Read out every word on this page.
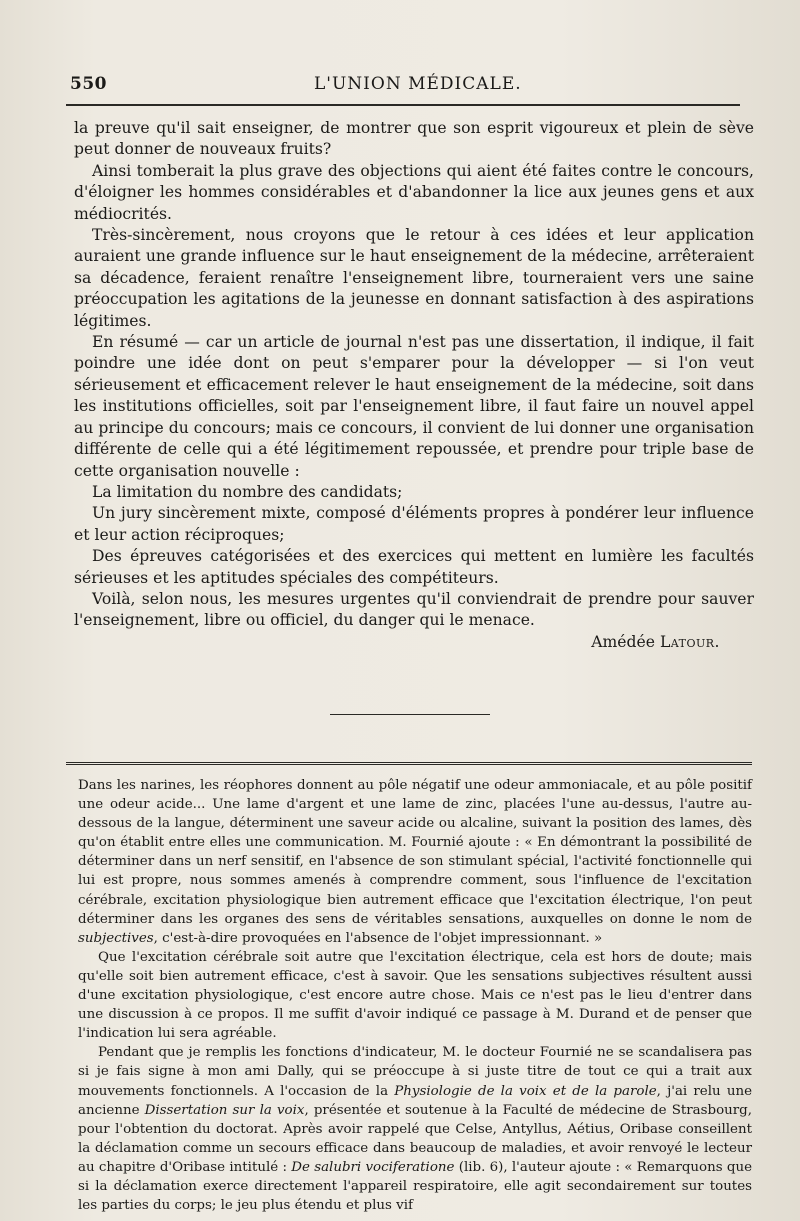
550	L'UNION MÉDICALE.

la preuve qu'il sait enseigner, de montrer que son esprit vigoureux et plein de sève peut donner de nouveaux fruits?

Ainsi tomberait la plus grave des objections qui aient été faites contre le concours, d'éloigner les hommes considérables et d'abandonner la lice aux jeunes gens et aux médiocrités.

Très-sincèrement, nous croyons que le retour à ces idées et leur application auraient une grande influence sur le haut enseignement de la médecine, arrêteraient sa décadence, feraient renaître l'enseignement libre, tourneraient vers une saine préoccupation les agitations de la jeunesse en donnant satisfaction à des aspirations légitimes.

En résumé — car un article de journal n'est pas une dissertation, il indique, il fait poindre une idée dont on peut s'emparer pour la développer — si l'on veut sérieusement et efficacement relever le haut enseignement de la médecine, soit dans les institutions officielles, soit par l'enseignement libre, il faut faire un nouvel appel au principe du concours; mais ce concours, il convient de lui donner une organisation différente de celle qui a été légitimement repoussée, et prendre pour triple base de cette organisation nouvelle :

La limitation du nombre des candidats;

Un jury sincèrement mixte, composé d'éléments propres à pondérer leur influence et leur action réciproques;

Des épreuves catégorisées et des exercices qui mettent en lumière les facultés sérieuses et les aptitudes spéciales des compétiteurs.

Voilà, selon nous, les mesures urgentes qu'il conviendrait de prendre pour sauver l'enseignement, libre ou officiel, du danger qui le menace.

Amédée Latour.

Dans les narines, les réophores donnent au pôle négatif une odeur ammoniacale, et au pôle positif une odeur acide... Une lame d'argent et une lame de zinc, placées l'une au-dessus, l'autre au-dessous de la langue, déterminent une saveur acide ou alcaline, suivant la position des lames, dès qu'on établit entre elles une communication. M. Fournié ajoute : « En démontrant la possibilité de déterminer dans un nerf sensitif, en l'absence de son stimulant spécial, l'activité fonctionnelle qui lui est propre, nous sommes amenés à comprendre comment, sous l'influence de l'excitation cérébrale, excitation physiologique bien autrement efficace que l'excitation électrique, l'on peut déterminer dans les organes des sens de véritables sensations, auxquelles on donne le nom de subjectives, c'est-à-dire provoquées en l'absence de l'objet impressionnant. »

Que l'excitation cérébrale soit autre que l'excitation électrique, cela est hors de doute; mais qu'elle soit bien autrement efficace, c'est à savoir. Que les sensations subjectives résultent aussi d'une excitation physiologique, c'est encore autre chose. Mais ce n'est pas le lieu d'entrer dans une discussion à ce propos. Il me suffit d'avoir indiqué ce passage à M. Durand et de penser que l'indication lui sera agréable.

Pendant que je remplis les fonctions d'indicateur, M. le docteur Fournié ne se scandalisera pas si je fais signe à mon ami Dally, qui se préoccupe à si juste titre de tout ce qui a trait aux mouvements fonctionnels. A l'occasion de la Physiologie de la voix et de la parole, j'ai relu une ancienne Dissertation sur la voix, présentée et soutenue à la Faculté de médecine de Strasbourg, pour l'obtention du doctorat. Après avoir rappelé que Celse, Antyllus, Aétius, Oribase conseillent la déclamation comme un secours efficace dans beaucoup de maladies, et avoir renvoyé le lecteur au chapitre d'Oribase intitulé : De salubri vociferatione (lib. 6), l'auteur ajoute : « Remarquons que si la déclamation exerce directement l'appareil respiratoire, elle agit secondairement sur toutes les parties du corps; le jeu plus étendu et plus vif
